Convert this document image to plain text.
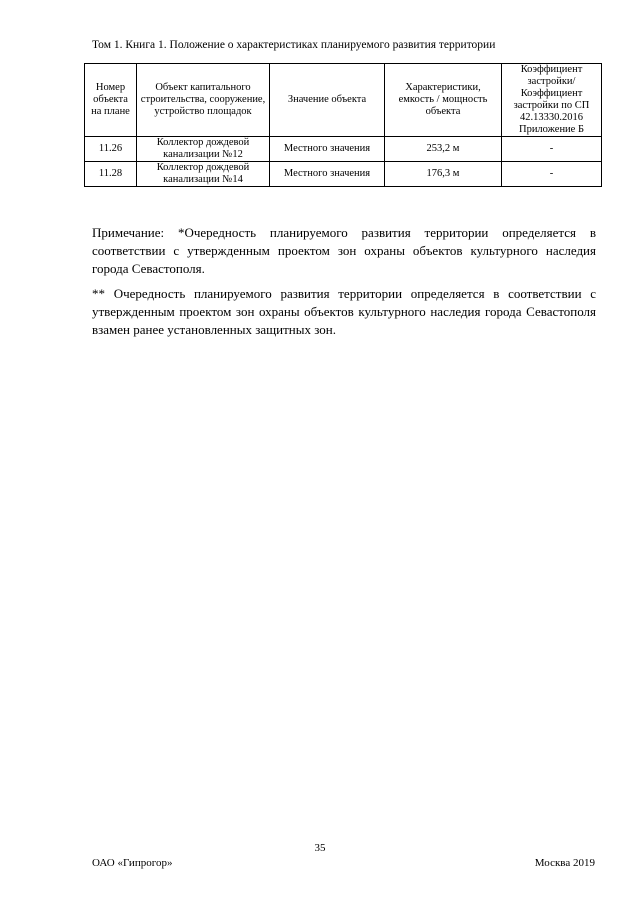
Том 1. Книга 1. Положение о характеристиках планируемого развития территории
Номер объекта на плане	Объект капитального строительства, сооружение, устройство площадок	Значение объекта	Характеристики, емкость / мощность объекта	Коэффициент застройки/Коэффициент застройки по СП 42.13330.2016 Приложение Б
11.26	Коллектор дождевой канализации №12	Местного значения	253,2 м	-
11.28	Коллектор дождевой канализации №14	Местного значения	176,3 м	-

Примечание: *Очередность планируемого развития территории определяется в соответствии с утвержденным проектом зон охраны объектов культурного наследия города Севастополя.

** Очередность планируемого развития территории определяется в соответствии с утвержденным проектом зон охраны объектов культурного наследия города Севастополя взамен ранее установленных защитных зон.

35
ОАО «Гипрогор»	Москва 2019
